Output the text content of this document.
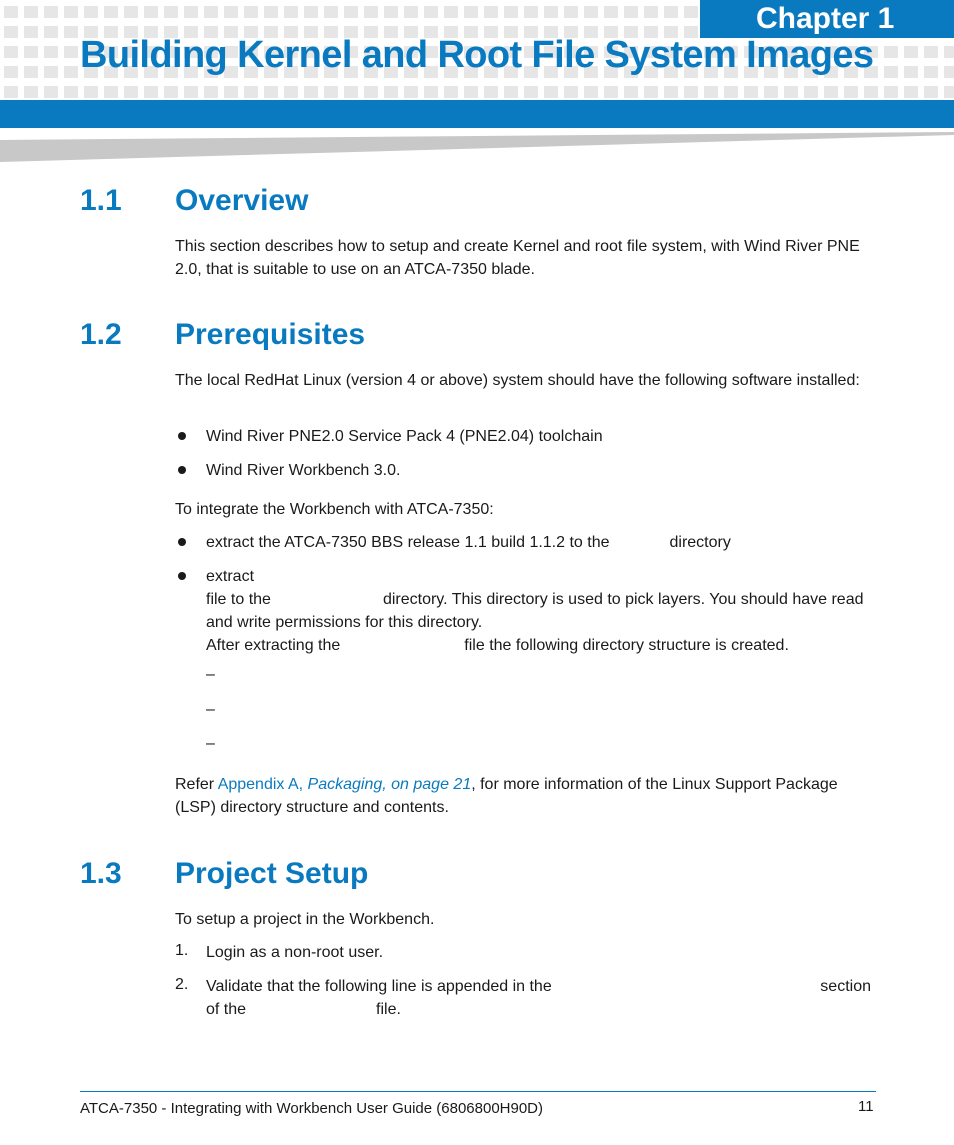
Chapter 1
Building Kernel and Root File System Images
1.1 Overview

This section describes how to setup and create Kernel and root file system, with Wind River PNE 2.0, that is suitable to use on an ATCA-7350 blade.

1.2 Prerequisites

The local RedHat Linux (version 4 or above) system should have the following software installed:

Wind River PNE2.0 Service Pack 4 (PNE2.04) toolchain

Wind River Workbench 3.0.

To integrate the Workbench with ATCA-7350:

extract the ATCA-7350 BBS release 1.1 build 1.1.2 to the	directory

extract
file to the	directory. This directory is used to pick layers. You should have read and write permissions for this directory.
After extracting the	file the following directory structure is created.
–
–
–

Refer Appendix A, Packaging, on page 21, for more information of the Linux Support Package (LSP) directory structure and contents.

1.3 Project Setup

To setup a project in the Workbench.

1. Login as a non-root user.

2. Validate that the following line is appended in the	section
of the	file.
ATCA-7350 - Integrating with Workbench User Guide (6806800H90D)	11
